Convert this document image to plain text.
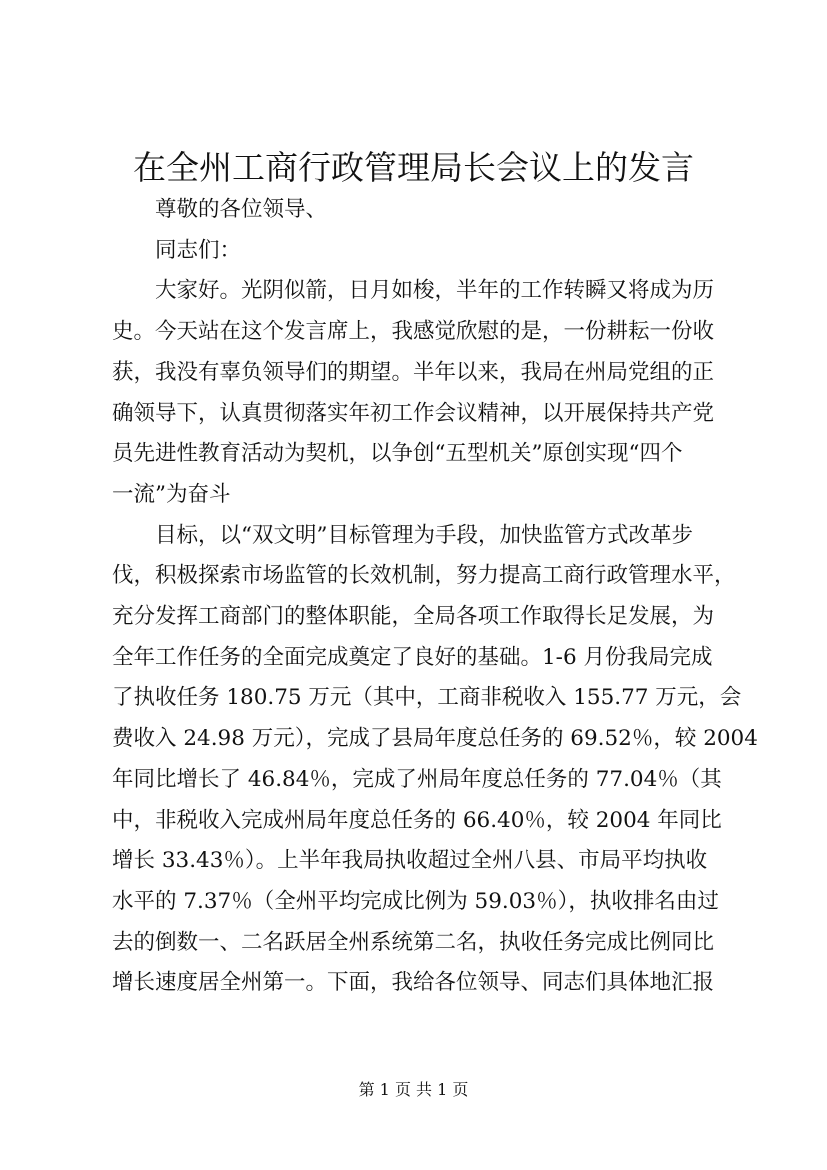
在全州工商行政管理局长会议上的发言

尊敬的各位领导、

同志们：

大家好。光阴似箭，日月如梭，半年的工作转瞬又将成为历

史。今天站在这个发言席上，我感觉欣慰的是，一份耕耘一份收

获，我没有辜负领导们的期望。半年以来，我局在州局党组的正

确领导下，认真贯彻落实年初工作会议精神，以开展保持共产党

员先进性教育活动为契机，以争创“五型机关”原创实现“四个

一流”为奋斗

目标，以“双文明”目标管理为手段，加快监管方式改革步

伐，积极探索市场监管的长效机制，努力提高工商行政管理水平，

充分发挥工商部门的整体职能，全局各项工作取得长足发展，为

全年工作任务的全面完成奠定了良好的基础。1-6 月份我局完成

了执收任务 180.75 万元（其中，工商非税收入 155.77 万元，会

费收入 24.98 万元），完成了县局年度总任务的 69.52％，较 2004

年同比增长了 46.84％，完成了州局年度总任务的 77.04％（其

中，非税收入完成州局年度总任务的 66.40％，较 2004 年同比

增长 33.43％）。上半年我局执收超过全州八县、市局平均执收

水平的 7.37％（全州平均完成比例为 59.03％），执收排名由过

去的倒数一、二名跃居全州系统第二名，执收任务完成比例同比

增长速度居全州第一。下面，我给各位领导、同志们具体地汇报

第 1 页 共 1 页
